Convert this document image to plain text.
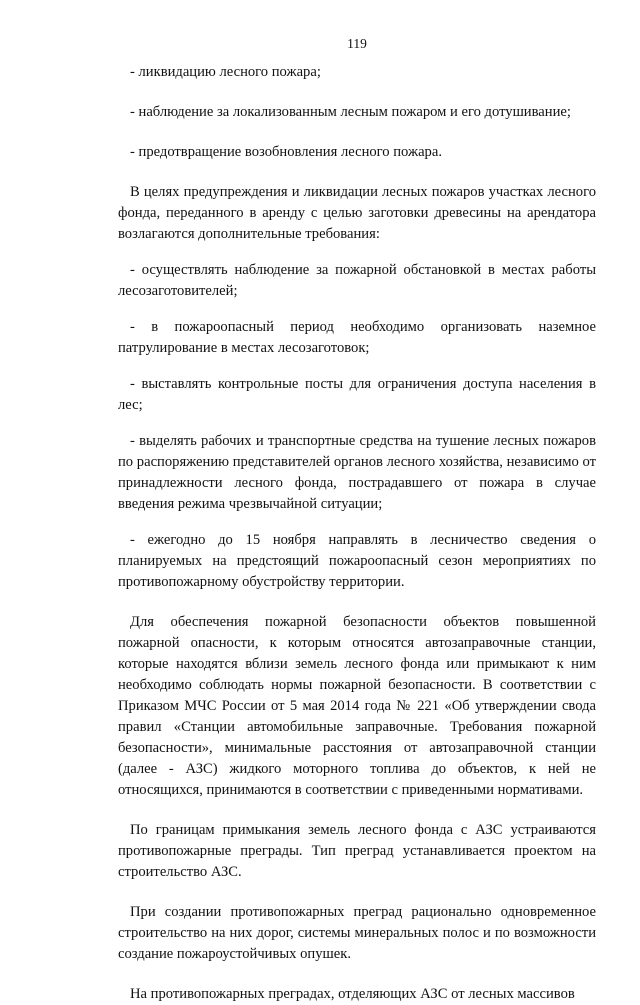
119

- ликвидацию лесного пожара;

- наблюдение за локализованным лесным пожаром и его дотушивание;

- предотвращение возобновления лесного пожара.

В целях предупреждения и ликвидации лесных пожаров участках лесного фонда, переданного в аренду с целью заготовки древесины на арендатора возлагаются дополнительные требования:

- осуществлять наблюдение за пожарной обстановкой в местах работы лесозаготовителей;

- в пожароопасный период необходимо организовать наземное патрулирование в местах лесозаготовок;

- выставлять контрольные посты для ограничения доступа населения в лес;

- выделять рабочих и транспортные средства на тушение лесных пожаров по распоряжению представителей органов лесного хозяйства, независимо от принадлежности лесного фонда, пострадавшего от пожара в случае введения режима чрезвычайной ситуации;

- ежегодно до 15 ноября направлять в лесничество сведения о планируемых на предстоящий пожароопасный сезон мероприятиях по противопожарному обустройству территории.

Для обеспечения пожарной безопасности объектов повышенной пожарной опасности, к которым относятся автозаправочные станции, которые находятся вблизи земель лесного фонда или примыкают к ним необходимо соблюдать нормы пожарной безопасности. В соответствии с Приказом МЧС России от 5 мая 2014 года № 221 «Об утверждении свода правил «Станции автомобильные заправочные. Требования пожарной безопасности», минимальные расстояния от автозаправочной станции (далее - АЗС) жидкого моторного топлива до объектов, к ней не относящихся, принимаются в соответствии с приведенными нормативами.

По границам примыкания земель лесного фонда с АЗС устраиваются противопожарные преграды. Тип преград устанавливается проектом на строительство АЗС.

При создании противопожарных преград рационально одновременное строительство на них дорог, системы минеральных полос и по возможности создание пожароустойчивых опушек.

На противопожарных преградах, отделяющих АЗС от лесных массивов
